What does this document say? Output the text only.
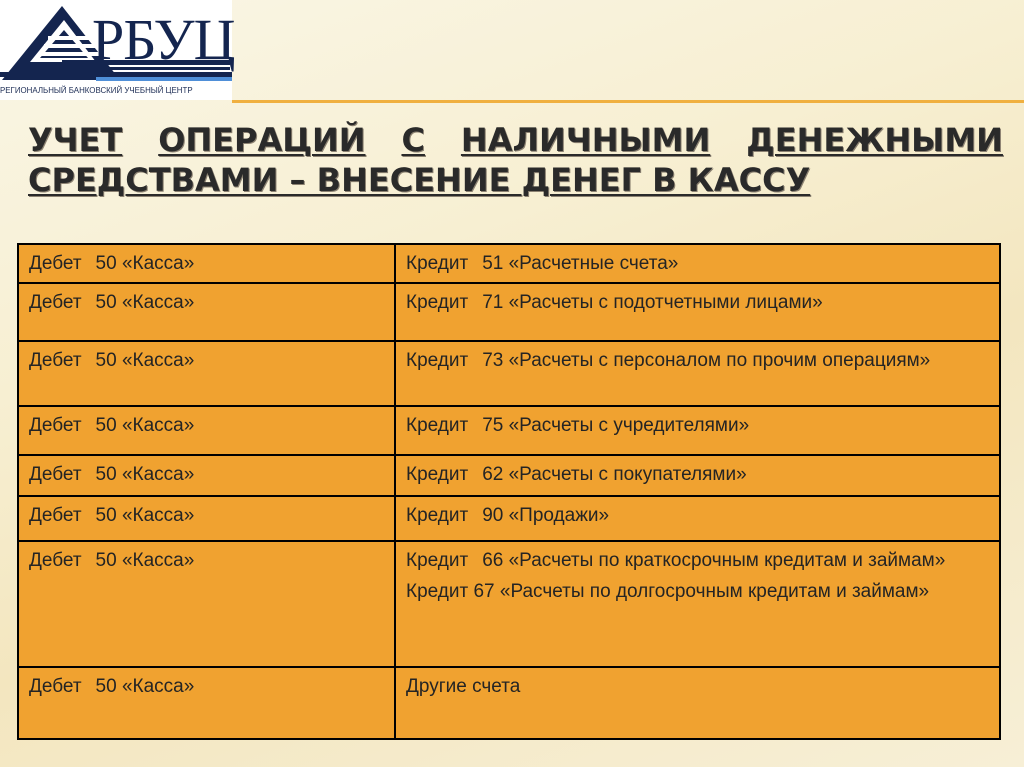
РБУЦ
РЕГИОНАЛЬНЫЙ БАНКОВСКИЙ УЧЕБНЫЙ ЦЕНТР
УЧЕТ ОПЕРАЦИЙ С НАЛИЧНЫМИ ДЕНЕЖНЫМИ
СРЕДСТВАМИ – ВНЕСЕНИЕ ДЕНЕГ В КАССУ
Дебет 50 «Касса»	Кредит 51 «Расчетные счета»
Дебет 50 «Касса»	Кредит 71 «Расчеты с подотчетными лицами»
Дебет 50 «Касса»	Кредит 73 «Расчеты с персоналом по прочим операциям»
Дебет 50 «Касса»	Кредит 75 «Расчеты с учредителями»
Дебет 50 «Касса»	Кредит 62 «Расчеты с покупателями»
Дебет 50 «Касса»	Кредит 90 «Продажи»
Дебет 50 «Касса»	Кредит 66 «Расчеты по краткосрочным кредитам и займам»
Кредит 67 «Расчеты по долгосрочным кредитам и займам»

Дебет 50 «Касса»	Другие счета
